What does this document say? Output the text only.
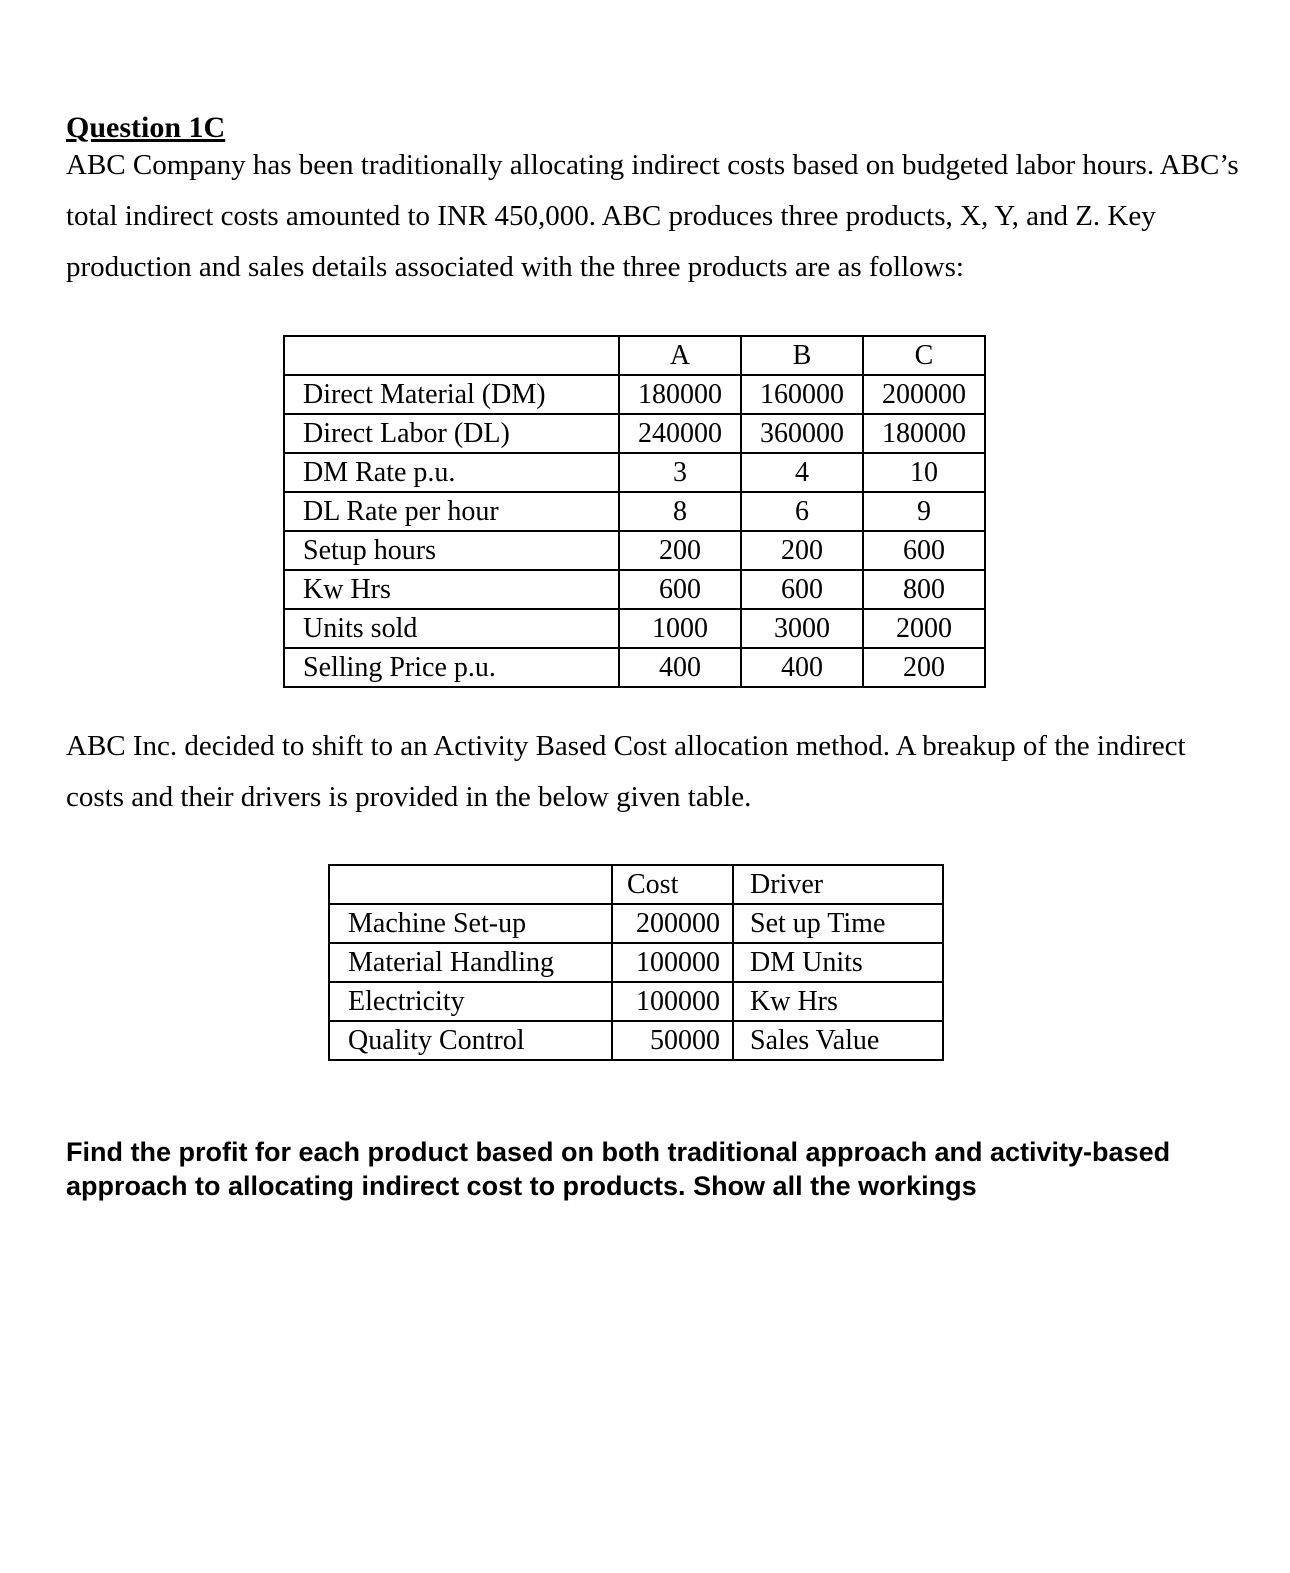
Question 1C
ABC Company has been traditionally allocating indirect costs based on budgeted labor hours. ABC’s total indirect costs amounted to INR 450,000. ABC produces three products, X, Y, and Z. Key production and sales details associated with the three products are as follows:
	A	B	C
Direct Material (DM)	180000	160000	200000
Direct Labor (DL)	240000	360000	180000
DM Rate p.u.	3	4	10
DL Rate per hour	8	6	9
Setup hours	200	200	600
Kw Hrs	600	600	800
Units sold	1000	3000	2000
Selling Price p.u.	400	400	200
ABC Inc. decided to shift to an Activity Based Cost allocation method. A breakup of the indirect costs and their drivers is provided in the below given table.
	Cost	Driver
Machine Set-up	200000	Set up Time
Material Handling	100000	DM Units
Electricity	100000	Kw Hrs
Quality Control	50000	Sales Value
Find the profit for each product based on both traditional approach and activity-based approach to allocating indirect cost to products. Show all the workings
